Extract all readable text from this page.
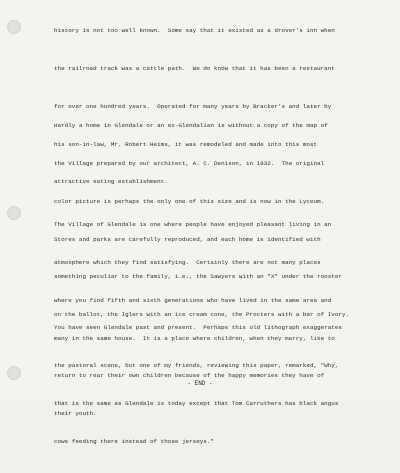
history is not too well known.  Some say that it existed as a drover's inn when

the railroad track was a cattle path.  We do know that it has been a restaurant

for over one hundred years.  Operated for many years by Bracker's and later by

his son-in-law, Mr. Robert Heims, it was remodeled and made into this most

attractive eating establishment.

Hardly a home in Glendale or an ex-Glendalian is without a copy of the map of

the Village prepared by our architect, A. C. Denison, in 1932.  The original

color picture is perhaps the only one of this size and is now in the Lyceum.

Stores and parks are carefully reproduced, and each home is identified with

something peculiar to the family, i.e., the Sawyers with an "X" under the rooster

on the ballot, the Iglers with an ice cream cone, the Procters with a bar of Ivory.

The Village of Glendale is one where people have enjoyed pleasant living in an

atmosphere which they find satisfying.  Certainly there are not many places

where you find fifth and sixth generations who have lived in the same area and

many in the same house.  It is a place where children, when they marry, like to

return to rear their own children because of the happy memories they have of

their youth.

You have seen Glendale past and present.  Perhaps this old lithograph exaggerates

the pastoral scene, but one of my friends, reviewing this paper, remarked, "Why,

that is the same as Glendale is today except that Tom Carruthers has black angus

cows feeding there instead of those jerseys."

- END -
